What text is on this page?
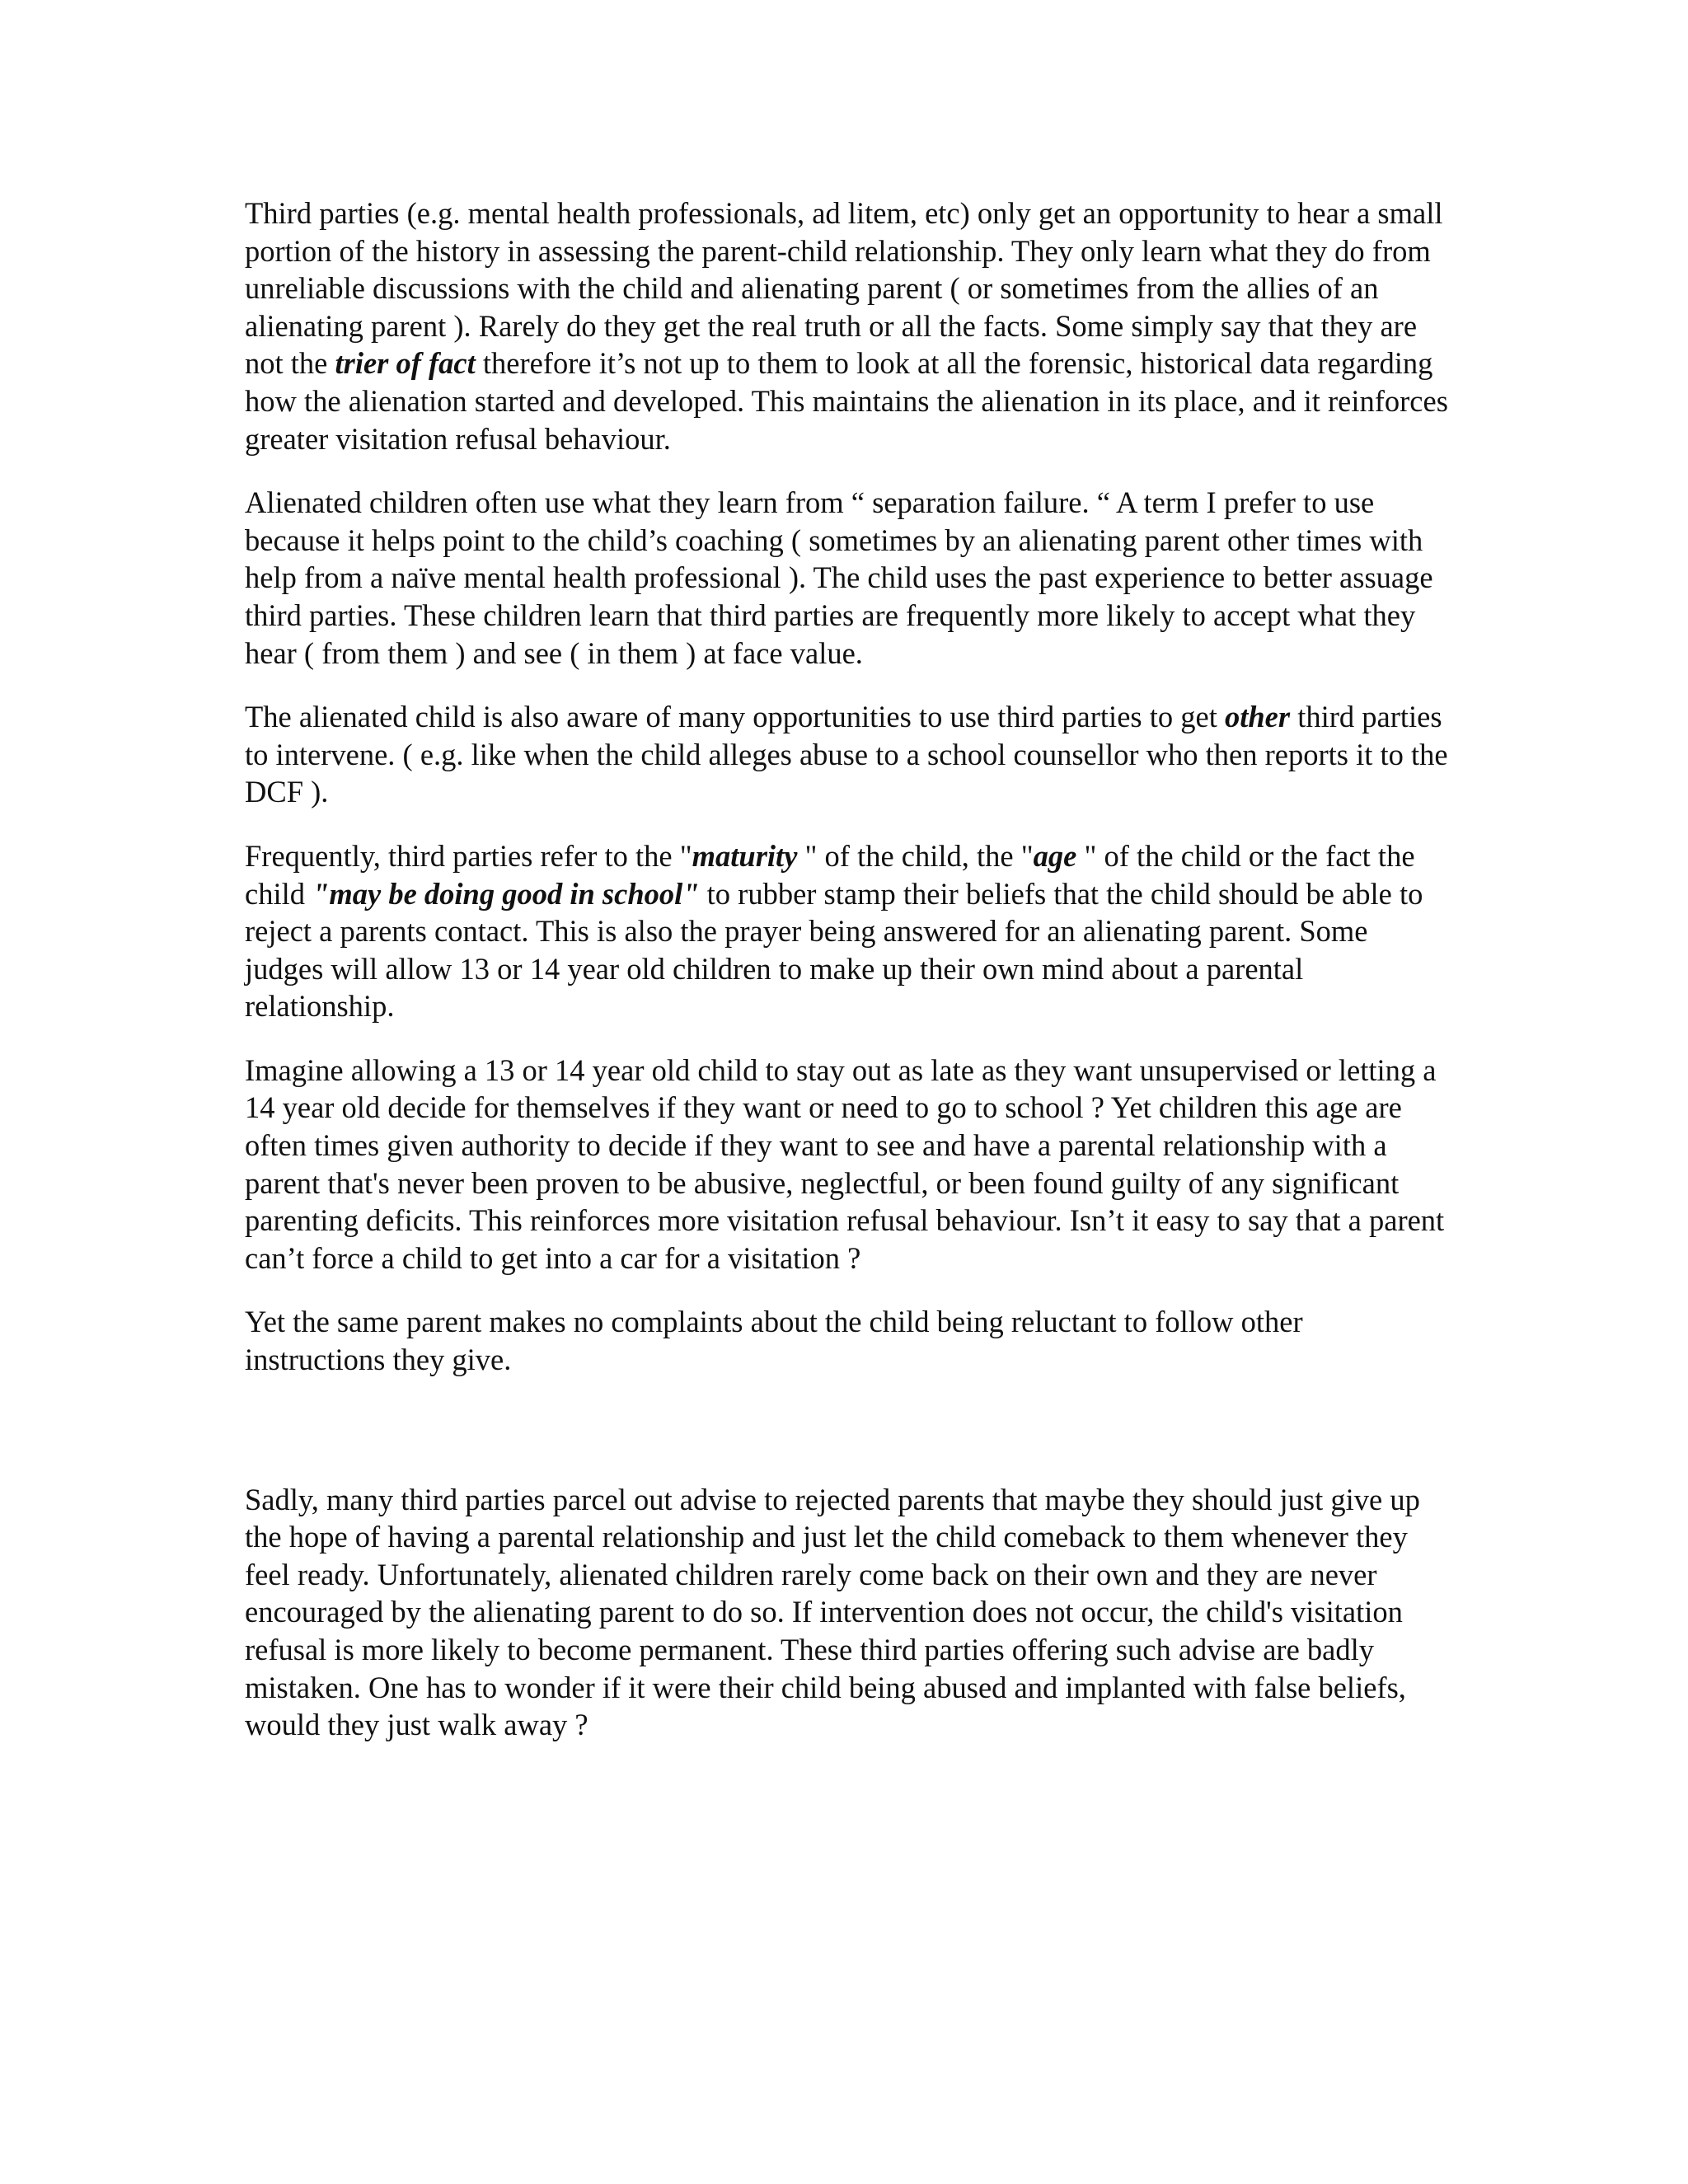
Third parties (e.g. mental health professionals, ad litem, etc) only get an opportunity to hear a small portion of the history in assessing the parent-child relationship. They only learn what they do from unreliable discussions with the child and alienating parent ( or sometimes from the allies of an alienating parent ). Rarely do they get the real truth or all the facts. Some simply say that they are not the trier of fact therefore it’s not up to them to look at all the forensic, historical data regarding how the alienation started and developed. This maintains the alienation in its place, and it reinforces greater visitation refusal behaviour.

Alienated children often use what they learn from “ separation failure. “ A term I prefer to use because it helps point to the child’s coaching ( sometimes by an alienating parent other times with help from a naïve mental health professional ). The child uses the past experience to better assuage third parties. These children learn that third parties are frequently more likely to accept what they hear ( from them ) and see ( in them ) at face value.

The alienated child is also aware of many opportunities to use third parties to get other third parties to intervene. ( e.g. like when the child alleges abuse to a school counsellor who then reports it to the DCF ).

Frequently, third parties refer to the "maturity " of the child, the "age " of the child or the fact the child "may be doing good in school" to rubber stamp their beliefs that the child should be able to reject a parents contact. This is also the prayer being answered for an alienating parent. Some judges will allow 13 or 14 year old children to make up their own mind about a parental relationship.

Imagine allowing a 13 or 14 year old child to stay out as late as they want unsupervised or letting a 14 year old decide for themselves if they want or need to go to school ? Yet children this age are often times given authority to decide if they want to see and have a parental relationship with a parent that's never been proven to be abusive, neglectful, or been found guilty of any significant parenting deficits. This reinforces more visitation refusal behaviour. Isn’t it easy to say that a parent can’t force a child to get into a car for a visitation ?

Yet the same parent makes no complaints about the child being reluctant to follow other instructions they give.

Sadly, many third parties parcel out advise to rejected parents that maybe they should just give up the hope of having a parental relationship and just let the child comeback to them whenever they feel ready. Unfortunately, alienated children rarely come back on their own and they are never encouraged by the alienating parent to do so. If intervention does not occur, the child's visitation refusal is more likely to become permanent. These third parties offering such advise are badly mistaken. One has to wonder if it were their child being abused and implanted with false beliefs, would they just walk away ?
